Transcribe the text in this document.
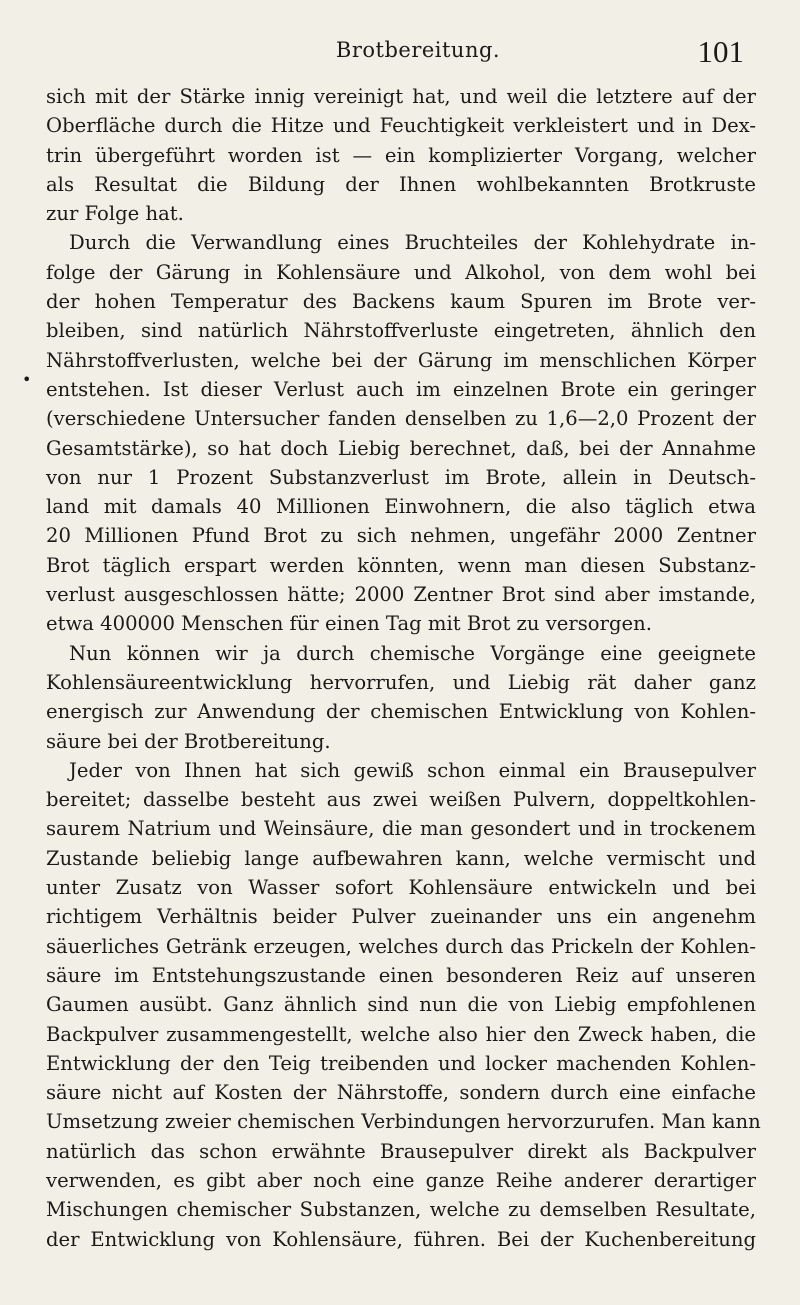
Brotbereitung.	101
•
sich mit der Stärke innig vereinigt hat, und weil die letztere auf der
Oberfläche durch die Hitze und Feuchtigkeit verkleistert und in Dex-
trin übergeführt worden ist — ein komplizierter Vorgang, welcher
als Resultat die Bildung der Ihnen wohlbekannten Brotkruste
zur Folge hat.
Durch die Verwandlung eines Bruchteiles der Kohlehydrate in-
folge der Gärung in Kohlensäure und Alkohol, von dem wohl bei
der hohen Temperatur des Backens kaum Spuren im Brote ver-
bleiben, sind natürlich Nährstoffverluste eingetreten, ähnlich den
Nährstoffverlusten, welche bei der Gärung im menschlichen Körper
entstehen. Ist dieser Verlust auch im einzelnen Brote ein geringer
(verschiedene Untersucher fanden denselben zu 1,6—2,0 Prozent der
Gesamtstärke), so hat doch Liebig berechnet, daß, bei der Annahme
von nur 1 Prozent Substanzverlust im Brote, allein in Deutsch-
land mit damals 40 Millionen Einwohnern, die also täglich etwa
20 Millionen Pfund Brot zu sich nehmen, ungefähr 2000 Zentner
Brot täglich erspart werden könnten, wenn man diesen Substanz-
verlust ausgeschlossen hätte; 2000 Zentner Brot sind aber imstande,
etwa 400000 Menschen für einen Tag mit Brot zu versorgen.
Nun können wir ja durch chemische Vorgänge eine geeignete
Kohlensäureentwicklung hervorrufen, und Liebig rät daher ganz
energisch zur Anwendung der chemischen Entwicklung von Kohlen-
säure bei der Brotbereitung.
Jeder von Ihnen hat sich gewiß schon einmal ein Brausepulver
bereitet; dasselbe besteht aus zwei weißen Pulvern, doppeltkohlen-
saurem Natrium und Weinsäure, die man gesondert und in trockenem
Zustande beliebig lange aufbewahren kann, welche vermischt und
unter Zusatz von Wasser sofort Kohlensäure entwickeln und bei
richtigem Verhältnis beider Pulver zueinander uns ein angenehm
säuerliches Getränk erzeugen, welches durch das Prickeln der Kohlen-
säure im Entstehungszustande einen besonderen Reiz auf unseren
Gaumen ausübt. Ganz ähnlich sind nun die von Liebig empfohlenen
Backpulver zusammengestellt, welche also hier den Zweck haben, die
Entwicklung der den Teig treibenden und locker machenden Kohlen-
säure nicht auf Kosten der Nährstoffe, sondern durch eine einfache
Umsetzung zweier chemischen Verbindungen hervorzurufen. Man kann
natürlich das schon erwähnte Brausepulver direkt als Backpulver
verwenden, es gibt aber noch eine ganze Reihe anderer derartiger
Mischungen chemischer Substanzen, welche zu demselben Resultate,
der Entwicklung von Kohlensäure, führen. Bei der Kuchenbereitung
